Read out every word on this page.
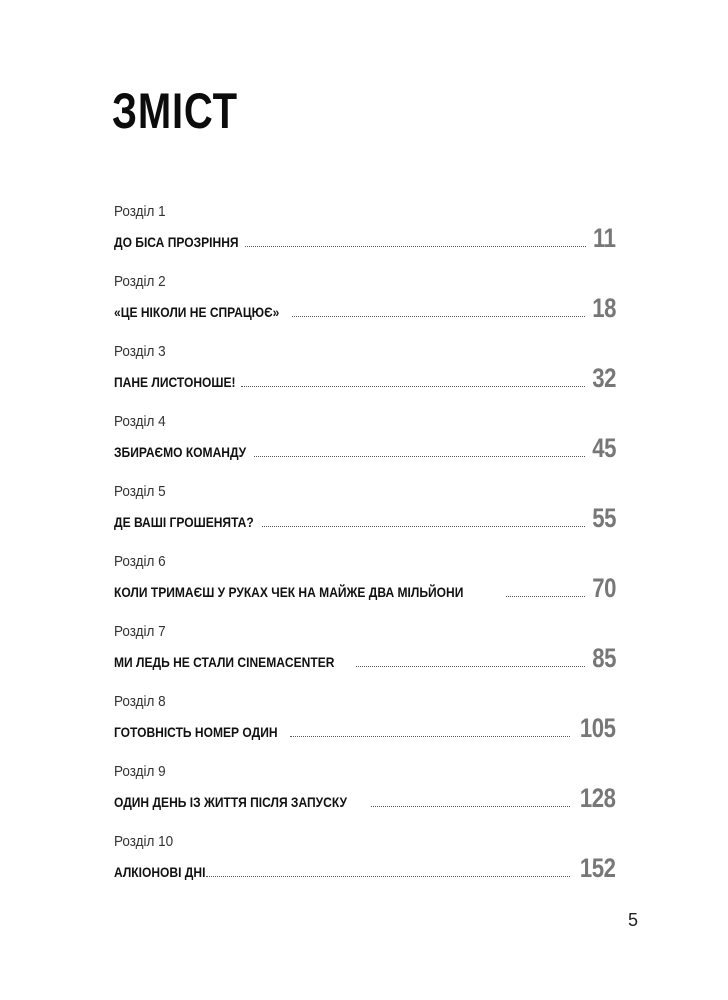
ЗМІСТ
Розділ 1
ДО БІСА ПРОЗРІННЯ	11
Розділ 2
«ЦЕ НІКОЛИ НЕ СПРАЦЮЄ»	18
Розділ 3
ПАНЕ ЛИСТОНОШЕ!	32
Розділ 4
ЗБИРАЄМО КОМАНДУ	45
Розділ 5
ДЕ ВАШІ ГРОШЕНЯТА?	55
Розділ 6
КОЛИ ТРИМАЄШ У РУКАХ ЧЕК НА МАЙЖЕ ДВА МІЛЬЙОНИ	70
Розділ 7
МИ ЛЕДЬ НЕ СТАЛИ CINEMACENTER	85
Розділ 8
ГОТОВНІСТЬ НОМЕР ОДИН	105
Розділ 9
ОДИН ДЕНЬ ІЗ ЖИТТЯ ПІСЛЯ ЗАПУСКУ	128
Розділ 10
АЛКІОНОВІ ДНІ	152
5
